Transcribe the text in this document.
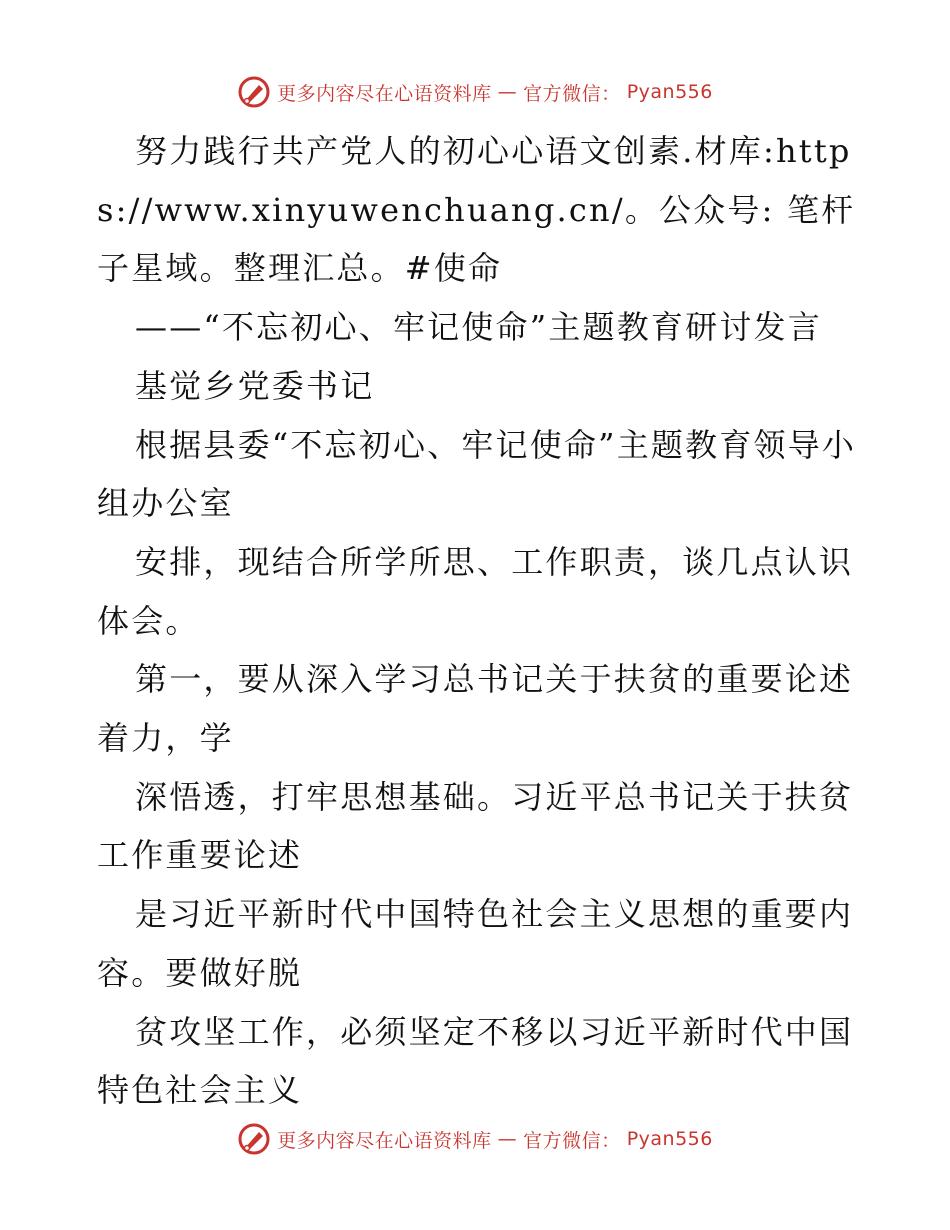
更多内容尽在心语资料库 — 官方微信： Pyan556

努力践行共产党人的初心心语文创素.材库:https://www.xinyuwenchuang.cn/。公众号: 笔杆子星域。整理汇总。#使命

——“不忘初心、牢记使命”主题教育研讨发言

基觉乡党委书记

根据县委“不忘初心、牢记使命”主题教育领导小组办公室

安排，现结合所学所思、工作职责，谈几点认识体会。

第一，要从深入学习总书记关于扶贫的重要论述着力，学

深悟透，打牢思想基础。习近平总书记关于扶贫工作重要论述

是习近平新时代中国特色社会主义思想的重要内容。要做好脱

贫攻坚工作，必须坚定不移以习近平新时代中国特色社会主义

更多内容尽在心语资料库 — 官方微信： Pyan556
